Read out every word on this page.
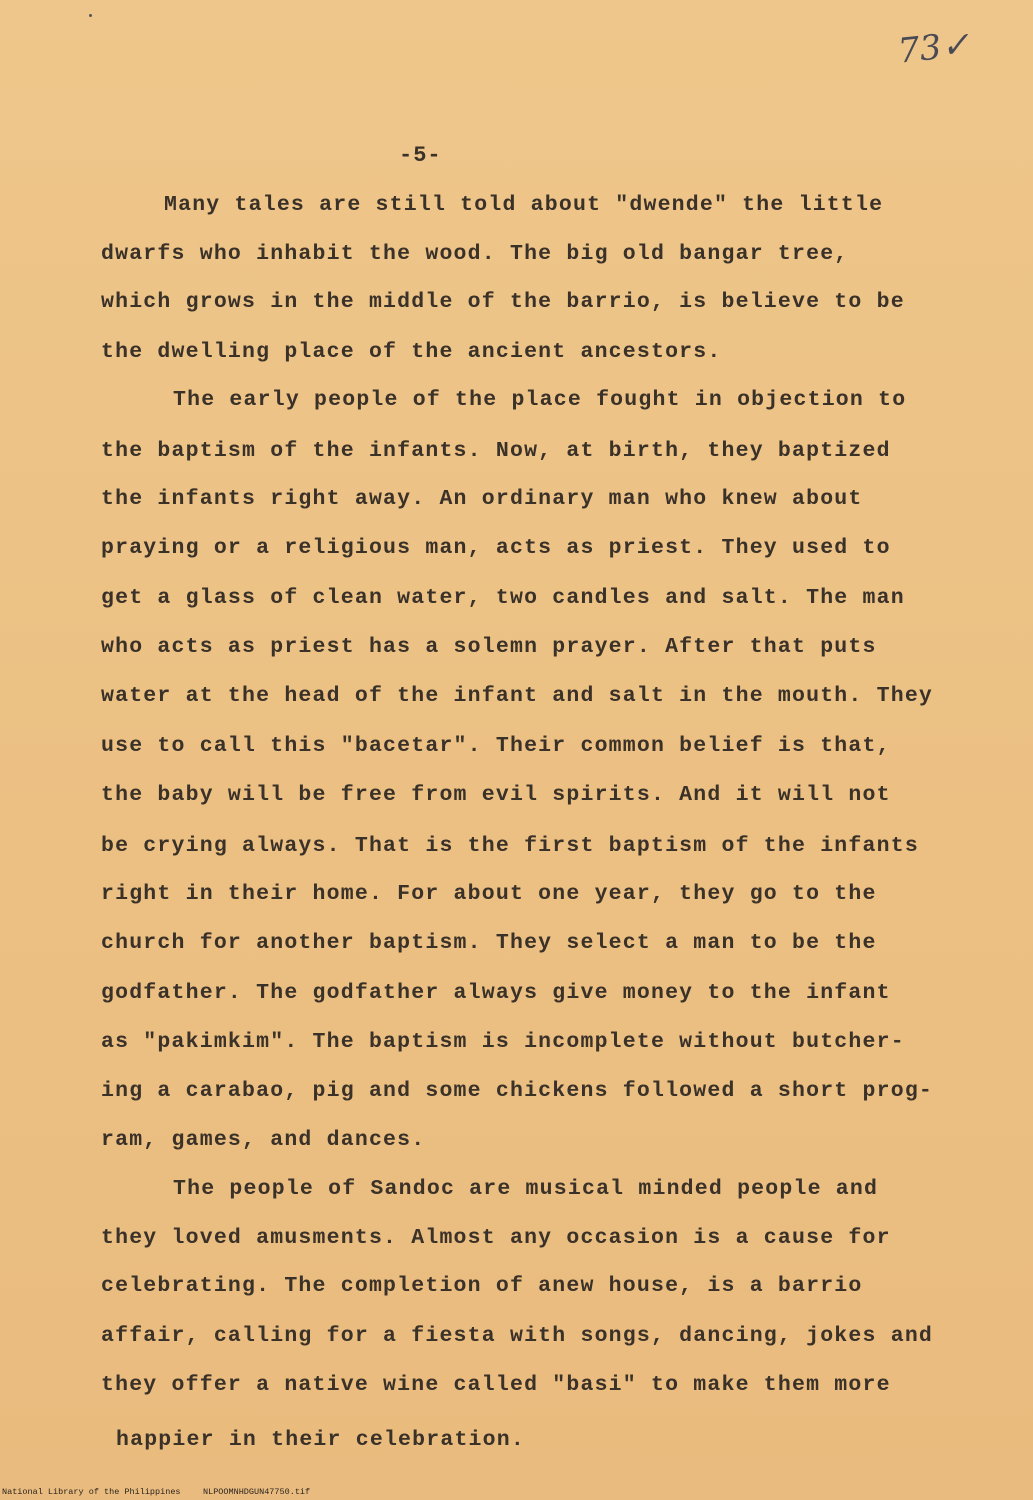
73✓
-5-
Many tales are still told about "dwende" the little
dwarfs who inhabit the wood. The big old bangar tree,
which grows in the middle of the barrio, is believe to be
the dwelling place of the ancient ancestors.
The early people of the place fought in objection to
the baptism of the infants. Now, at birth, they baptized
the infants right away. An ordinary man who knew about
praying or a religious man, acts as priest. They used to
get a glass of clean water, two candles and salt. The man
who acts as priest has a solemn prayer. After that puts
water at the head of the infant and salt in the mouth. They
use to call this "bacetar". Their common belief is that,
the baby will be free from evil spirits. And it will not
be crying always. That is the first baptism of the infants
right in their home. For about one year, they go to the
church for another baptism. They select a man to be the
godfather. The godfather always give money to the infant
as "pakimkim". The baptism is incomplete without butcher-
ing a carabao, pig and some chickens followed a short prog-
ram, games, and dances.
The people of Sandoc are musical minded people and
they loved amusments. Almost any occasion is a cause for
celebrating. The completion of anew house, is a barrio
affair, calling for a fiesta with songs, dancing, jokes and
they offer a native wine called "basi" to make them more
happier in their celebration.
National Library of the Philippines	NLPOOMNHDGUN47750.tif
